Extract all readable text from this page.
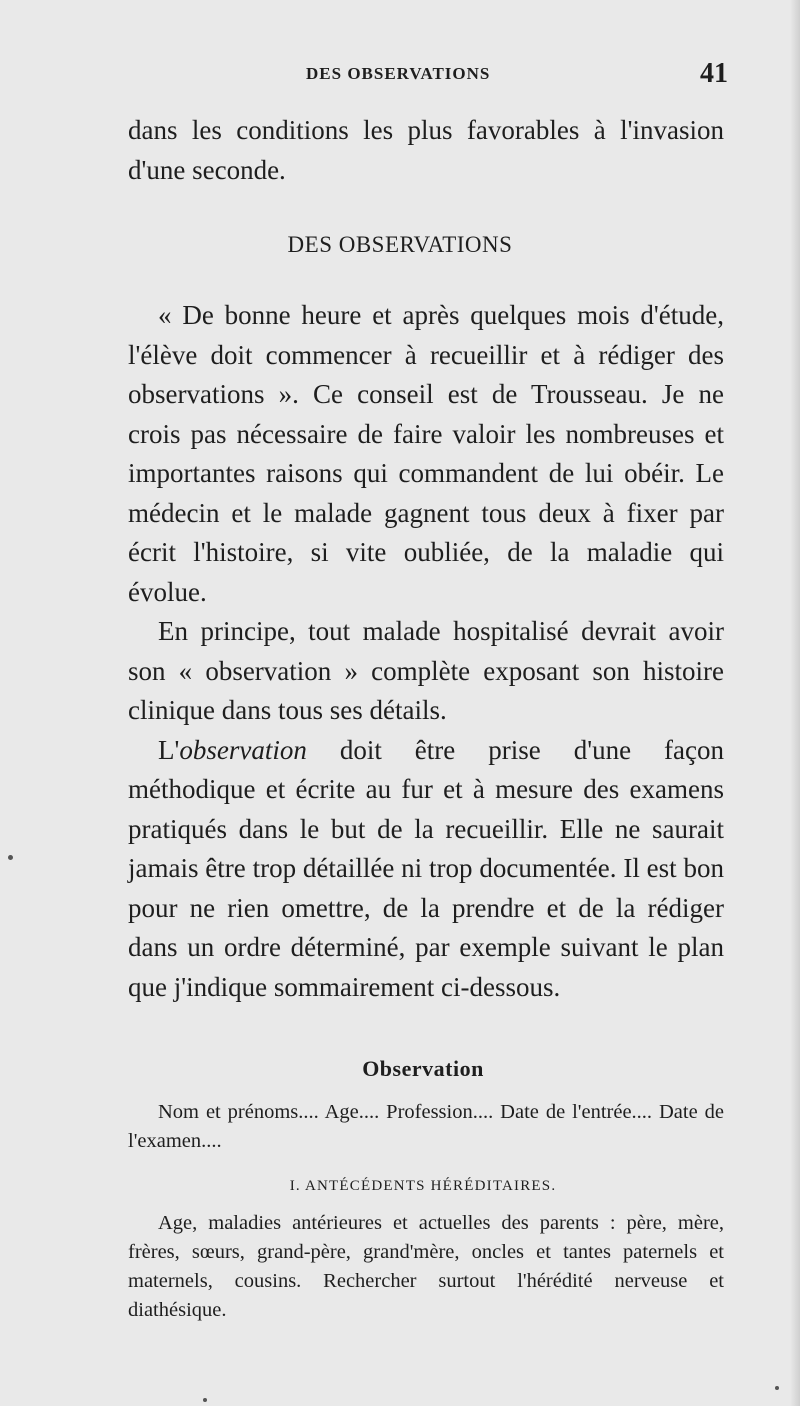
DES OBSERVATIONS	41

dans les conditions les plus favorables à l'invasion d'une seconde.

DES OBSERVATIONS

« De bonne heure et après quelques mois d'étude, l'élève doit commencer à recueillir et à rédiger des observations ». Ce conseil est de Trousseau. Je ne crois pas nécessaire de faire valoir les nombreuses et importantes raisons qui commandent de lui obéir. Le médecin et le malade gagnent tous deux à fixer par écrit l'histoire, si vite oubliée, de la maladie qui évolue.

En principe, tout malade hospitalisé devrait avoir son « observation » complète exposant son histoire clinique dans tous ses détails.

L'observation doit être prise d'une façon méthodique et écrite au fur et à mesure des examens pratiqués dans le but de la recueillir. Elle ne saurait jamais être trop détaillée ni trop documentée. Il est bon pour ne rien omettre, de la prendre et de la rédiger dans un ordre déterminé, par exemple suivant le plan que j'indique sommairement ci-dessous.

Observation

Nom et prénoms.... Age.... Profession.... Date de l'entrée.... Date de l'examen....

I. ANTÉCÉDENTS HÉRÉDITAIRES.

Age, maladies antérieures et actuelles des parents : père, mère, frères, sœurs, grand-père, grand'mère, oncles et tantes paternels et maternels, cousins. Rechercher surtout l'hérédité nerveuse et diathésique.
